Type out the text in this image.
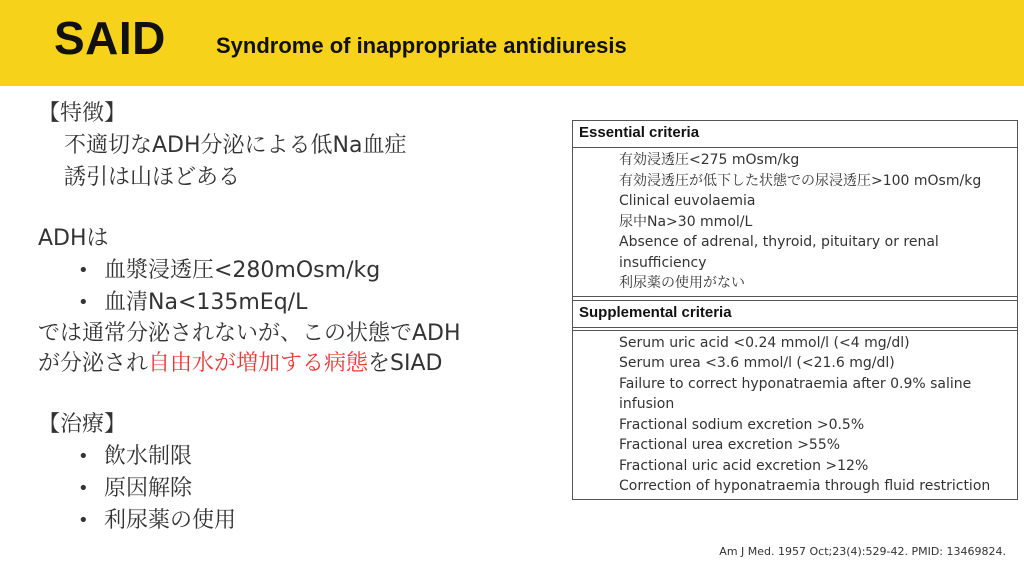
SAID Syndrome of inappropriate antidiuresis
【特徴】
不適切なADH分泌による低Na血症
誘引は山ほどある
ADHは
• 血漿浸透圧<280mOsm/kg
• 血清Na<135mEq/L
では通常分泌されないが、この状態でADH
が分泌され自由水が増加する病態をSIAD
【治療】
• 飲水制限
• 原因解除
• 利尿薬の使用
Essential criteria
有効浸透圧<275 mOsm/kg
有効浸透圧が低下した状態での尿浸透圧>100 mOsm/kg
Clinical euvolaemia
尿中Na>30 mmol/L
Absence of adrenal, thyroid, pituitary or renal insufficiency
利尿薬の使用がない
Supplemental criteria
Serum uric acid <0.24 mmol/l (<4 mg/dl)
Serum urea <3.6 mmol/l (<21.6 mg/dl)
Failure to correct hyponatraemia after 0.9% saline infusion
Fractional sodium excretion >0.5%
Fractional urea excretion >55%
Fractional uric acid excretion >12%
Correction of hyponatraemia through fluid restriction
Am J Med. 1957 Oct;23(4):529-42. PMID: 13469824.
